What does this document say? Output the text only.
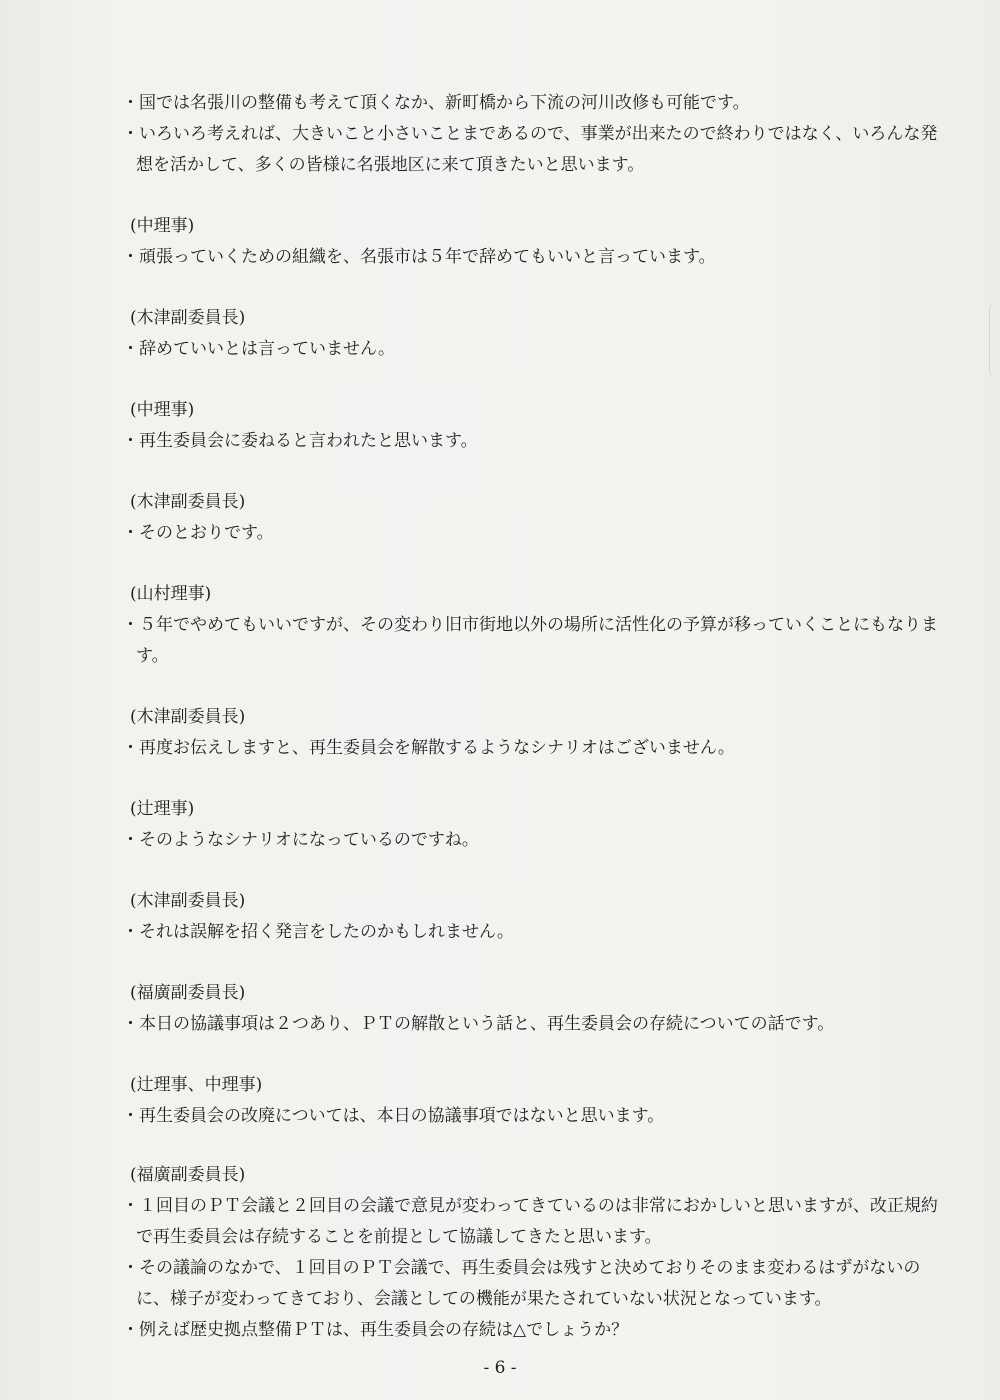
・国では名張川の整備も考えて頂くなか、新町橋から下流の河川改修も可能です。

・いろいろ考えれば、大きいこと小さいことまであるので、事業が出来たので終わりではなく、いろんな発想を活かして、多くの皆様に名張地区に来て頂きたいと思います。

(中理事)

・頑張っていくための組織を、名張市は５年で辞めてもいいと言っています。

(木津副委員長)

・辞めていいとは言っていません。

(中理事)

・再生委員会に委ねると言われたと思います。

(木津副委員長)

・そのとおりです。

(山村理事)

・５年でやめてもいいですが、その変わり旧市街地以外の場所に活性化の予算が移っていくことにもなります。

(木津副委員長)

・再度お伝えしますと、再生委員会を解散するようなシナリオはございません。

(辻理事)

・そのようなシナリオになっているのですね。

(木津副委員長)

・それは誤解を招く発言をしたのかもしれません。

(福廣副委員長)

・本日の協議事項は２つあり、ＰＴの解散という話と、再生委員会の存続についての話です。

(辻理事、中理事)

・再生委員会の改廃については、本日の協議事項ではないと思います。

(福廣副委員長)

・１回目のＰＴ会議と２回目の会議で意見が変わってきているのは非常におかしいと思いますが、改正規約で再生委員会は存続することを前提として協議してきたと思います。

・その議論のなかで、１回目のＰＴ会議で、再生委員会は残すと決めておりそのまま変わるはずがないのに、様子が変わってきており、会議としての機能が果たされていない状況となっています。

・例えば歴史拠点整備ＰＴは、再生委員会の存続は△でしょうか？

- 6 -
